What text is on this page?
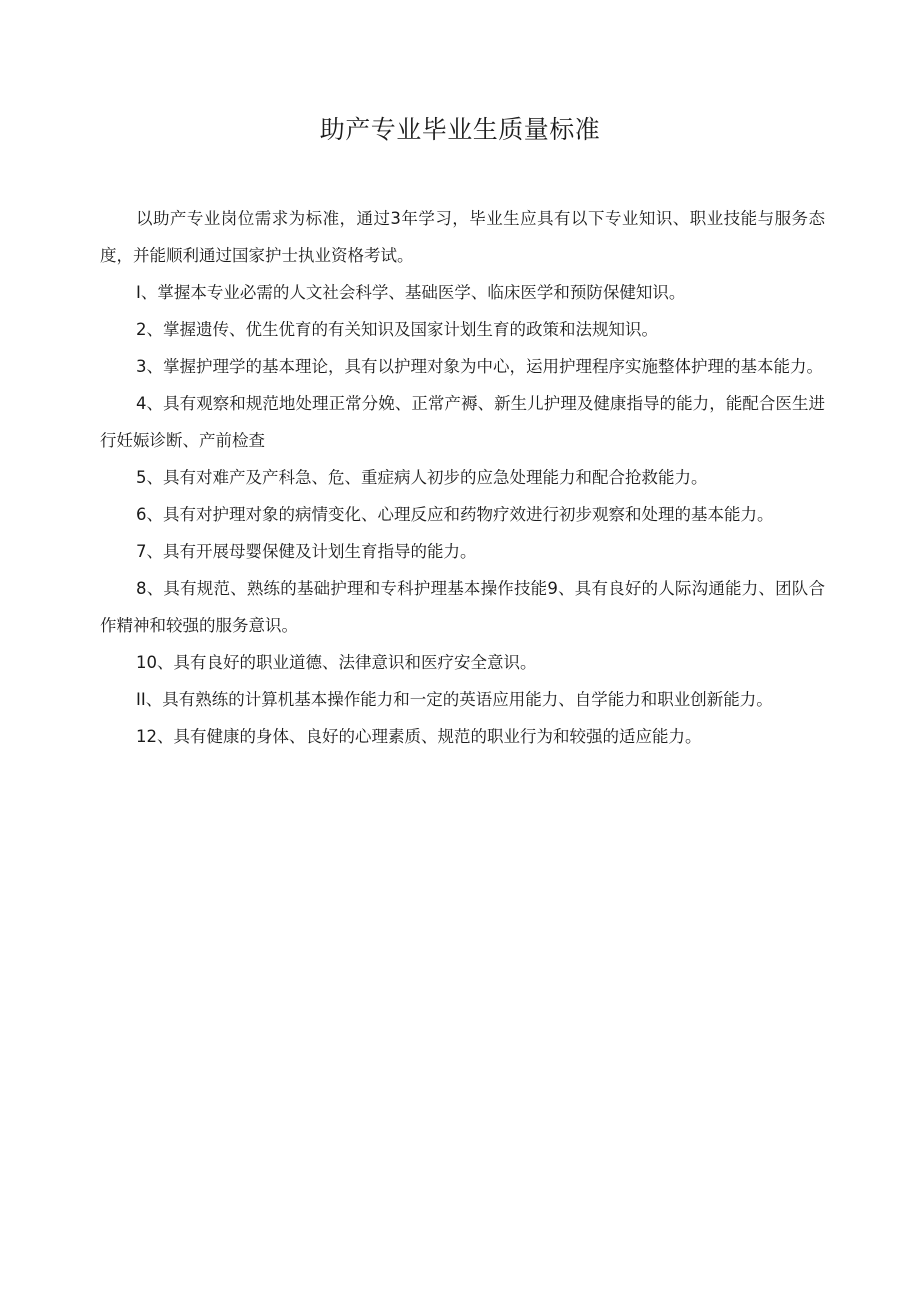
助产专业毕业生质量标准

以助产专业岗位需求为标准，通过3年学习，毕业生应具有以下专业知识、职业技能与服务态度，并能顺利通过国家护士执业资格考试。

I、掌握本专业必需的人文社会科学、基础医学、临床医学和预防保健知识。

2、掌握遗传、优生优育的有关知识及国家计划生育的政策和法规知识。

3、掌握护理学的基本理论，具有以护理对象为中心，运用护理程序实施整体护理的基本能力。

4、具有观察和规范地处理正常分娩、正常产褥、新生儿护理及健康指导的能力，能配合医生进行妊娠诊断、产前检查

5、具有对难产及产科急、危、重症病人初步的应急处理能力和配合抢救能力。

6、具有对护理对象的病情变化、心理反应和药物疗效进行初步观察和处理的基本能力。

7、具有开展母婴保健及计划生育指导的能力。

8、具有规范、熟练的基础护理和专科护理基本操作技能9、具有良好的人际沟通能力、团队合作精神和较强的服务意识。

10、具有良好的职业道德、法律意识和医疗安全意识。

II、具有熟练的计算机基本操作能力和一定的英语应用能力、自学能力和职业创新能力。

12、具有健康的身体、良好的心理素质、规范的职业行为和较强的适应能力。
